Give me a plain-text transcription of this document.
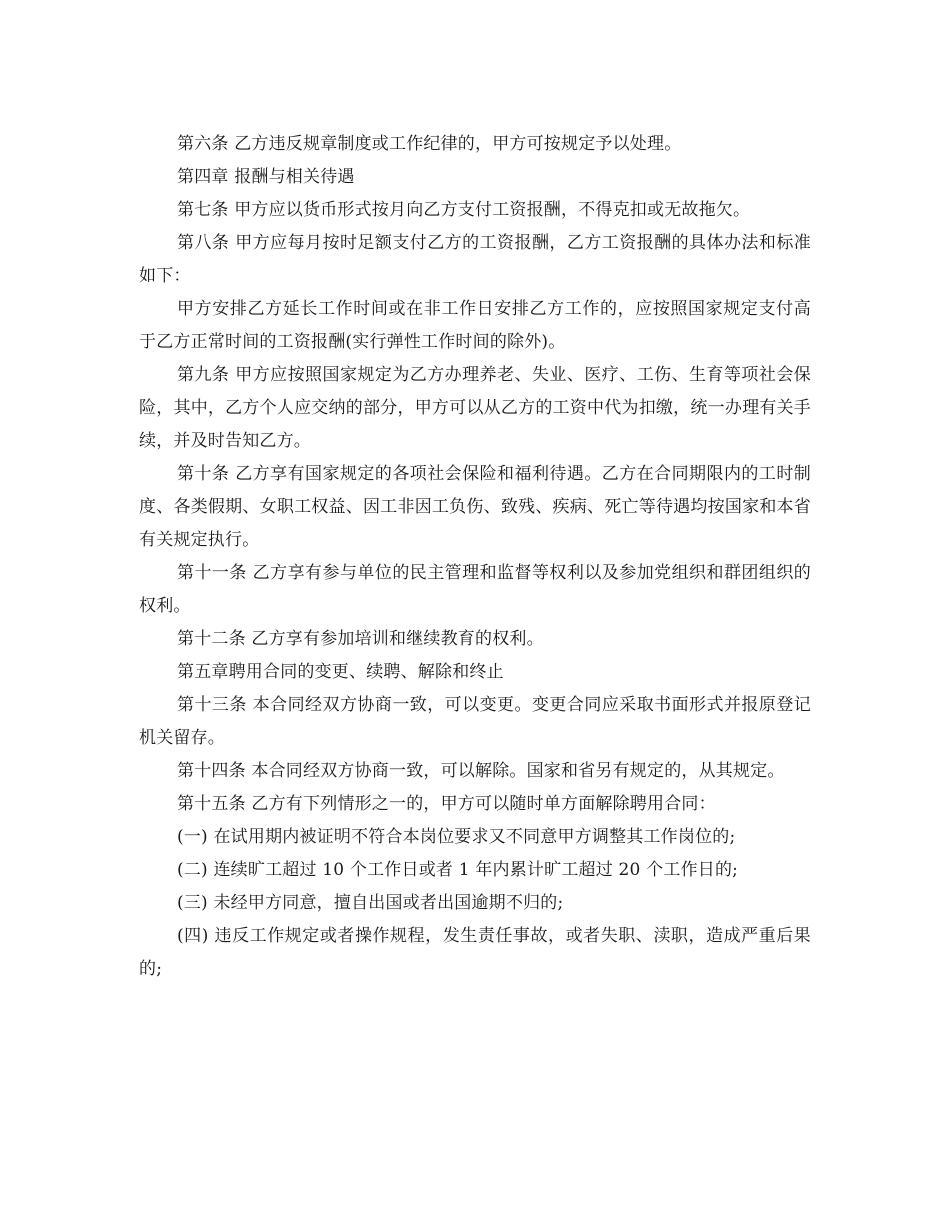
第六条 乙方违反规章制度或工作纪律的，甲方可按规定予以处理。

第四章 报酬与相关待遇

第七条 甲方应以货币形式按月向乙方支付工资报酬，不得克扣或无故拖欠。

第八条 甲方应每月按时足额支付乙方的工资报酬，乙方工资报酬的具体办法和标准如下：

甲方安排乙方延长工作时间或在非工作日安排乙方工作的，应按照国家规定支付高于乙方正常时间的工资报酬(实行弹性工作时间的除外)。

第九条 甲方应按照国家规定为乙方办理养老、失业、医疗、工伤、生育等项社会保险，其中，乙方个人应交纳的部分，甲方可以从乙方的工资中代为扣缴，统一办理有关手续，并及时告知乙方。

第十条 乙方享有国家规定的各项社会保险和福利待遇。乙方在合同期限内的工时制度、各类假期、女职工权益、因工非因工负伤、致残、疾病、死亡等待遇均按国家和本省有关规定执行。

第十一条 乙方享有参与单位的民主管理和监督等权利以及参加党组织和群团组织的权利。

第十二条 乙方享有参加培训和继续教育的权利。

第五章聘用合同的变更、续聘、解除和终止

第十三条 本合同经双方协商一致，可以变更。变更合同应采取书面形式并报原登记机关留存。

第十四条 本合同经双方协商一致，可以解除。国家和省另有规定的，从其规定。

第十五条 乙方有下列情形之一的，甲方可以随时单方面解除聘用合同：

(一) 在试用期内被证明不符合本岗位要求又不同意甲方调整其工作岗位的;

(二) 连续旷工超过 10 个工作日或者 1 年内累计旷工超过 20 个工作日的;

(三) 未经甲方同意，擅自出国或者出国逾期不归的;

(四) 违反工作规定或者操作规程，发生责任事故，或者失职、渎职，造成严重后果的;
